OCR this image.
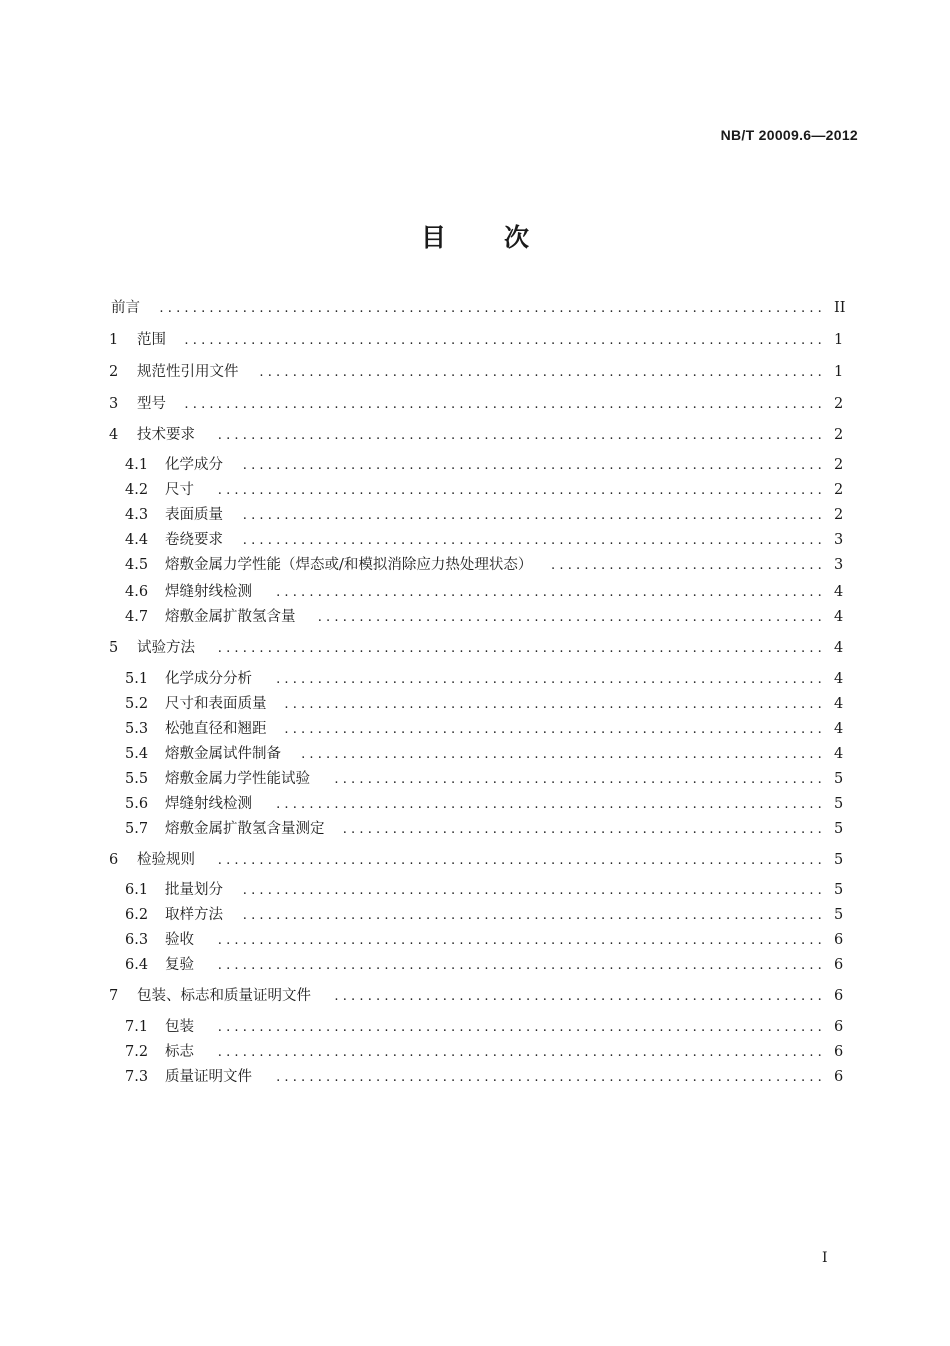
NB/T 20009.6—2012
目次
前言	................................................................................ II
1	范围	............................................................................. 1
2	规范性引用文件	.................................................................... 1
3	型号	............................................................................. 2
4	技术要求	......................................................................... 2
4.1	化学成分	...................................................................... 2
4.2	尺寸	......................................................................... 2
4.3	表面质量	...................................................................... 2
4.4	卷绕要求	...................................................................... 3
4.5	熔敷金属力学性能（焊态或/和模拟消除应力热处理状态）	................................. 3
4.6	焊缝射线检测	.................................................................. 4
4.7	熔敷金属扩散氢含量	............................................................. 4
5	试验方法	......................................................................... 4
5.1	化学成分分析	.................................................................. 4
5.2	尺寸和表面质量	................................................................. 4
5.3	松弛直径和翘距	................................................................. 4
5.4	熔敷金属试件制备	............................................................... 4
5.5	熔敷金属力学性能试验	........................................................... 5
5.6	焊缝射线检测	.................................................................. 5
5.7	熔敷金属扩散氢含量测定	.......................................................... 5
6	检验规则	......................................................................... 5
6.1	批量划分	...................................................................... 5
6.2	取样方法	...................................................................... 5
6.3	验收	......................................................................... 6
6.4	复验	......................................................................... 6
7	包装、标志和质量证明文件	........................................................... 6
7.1	包装	......................................................................... 6
7.2	标志	......................................................................... 6
7.3	质量证明文件	.................................................................. 6
I
